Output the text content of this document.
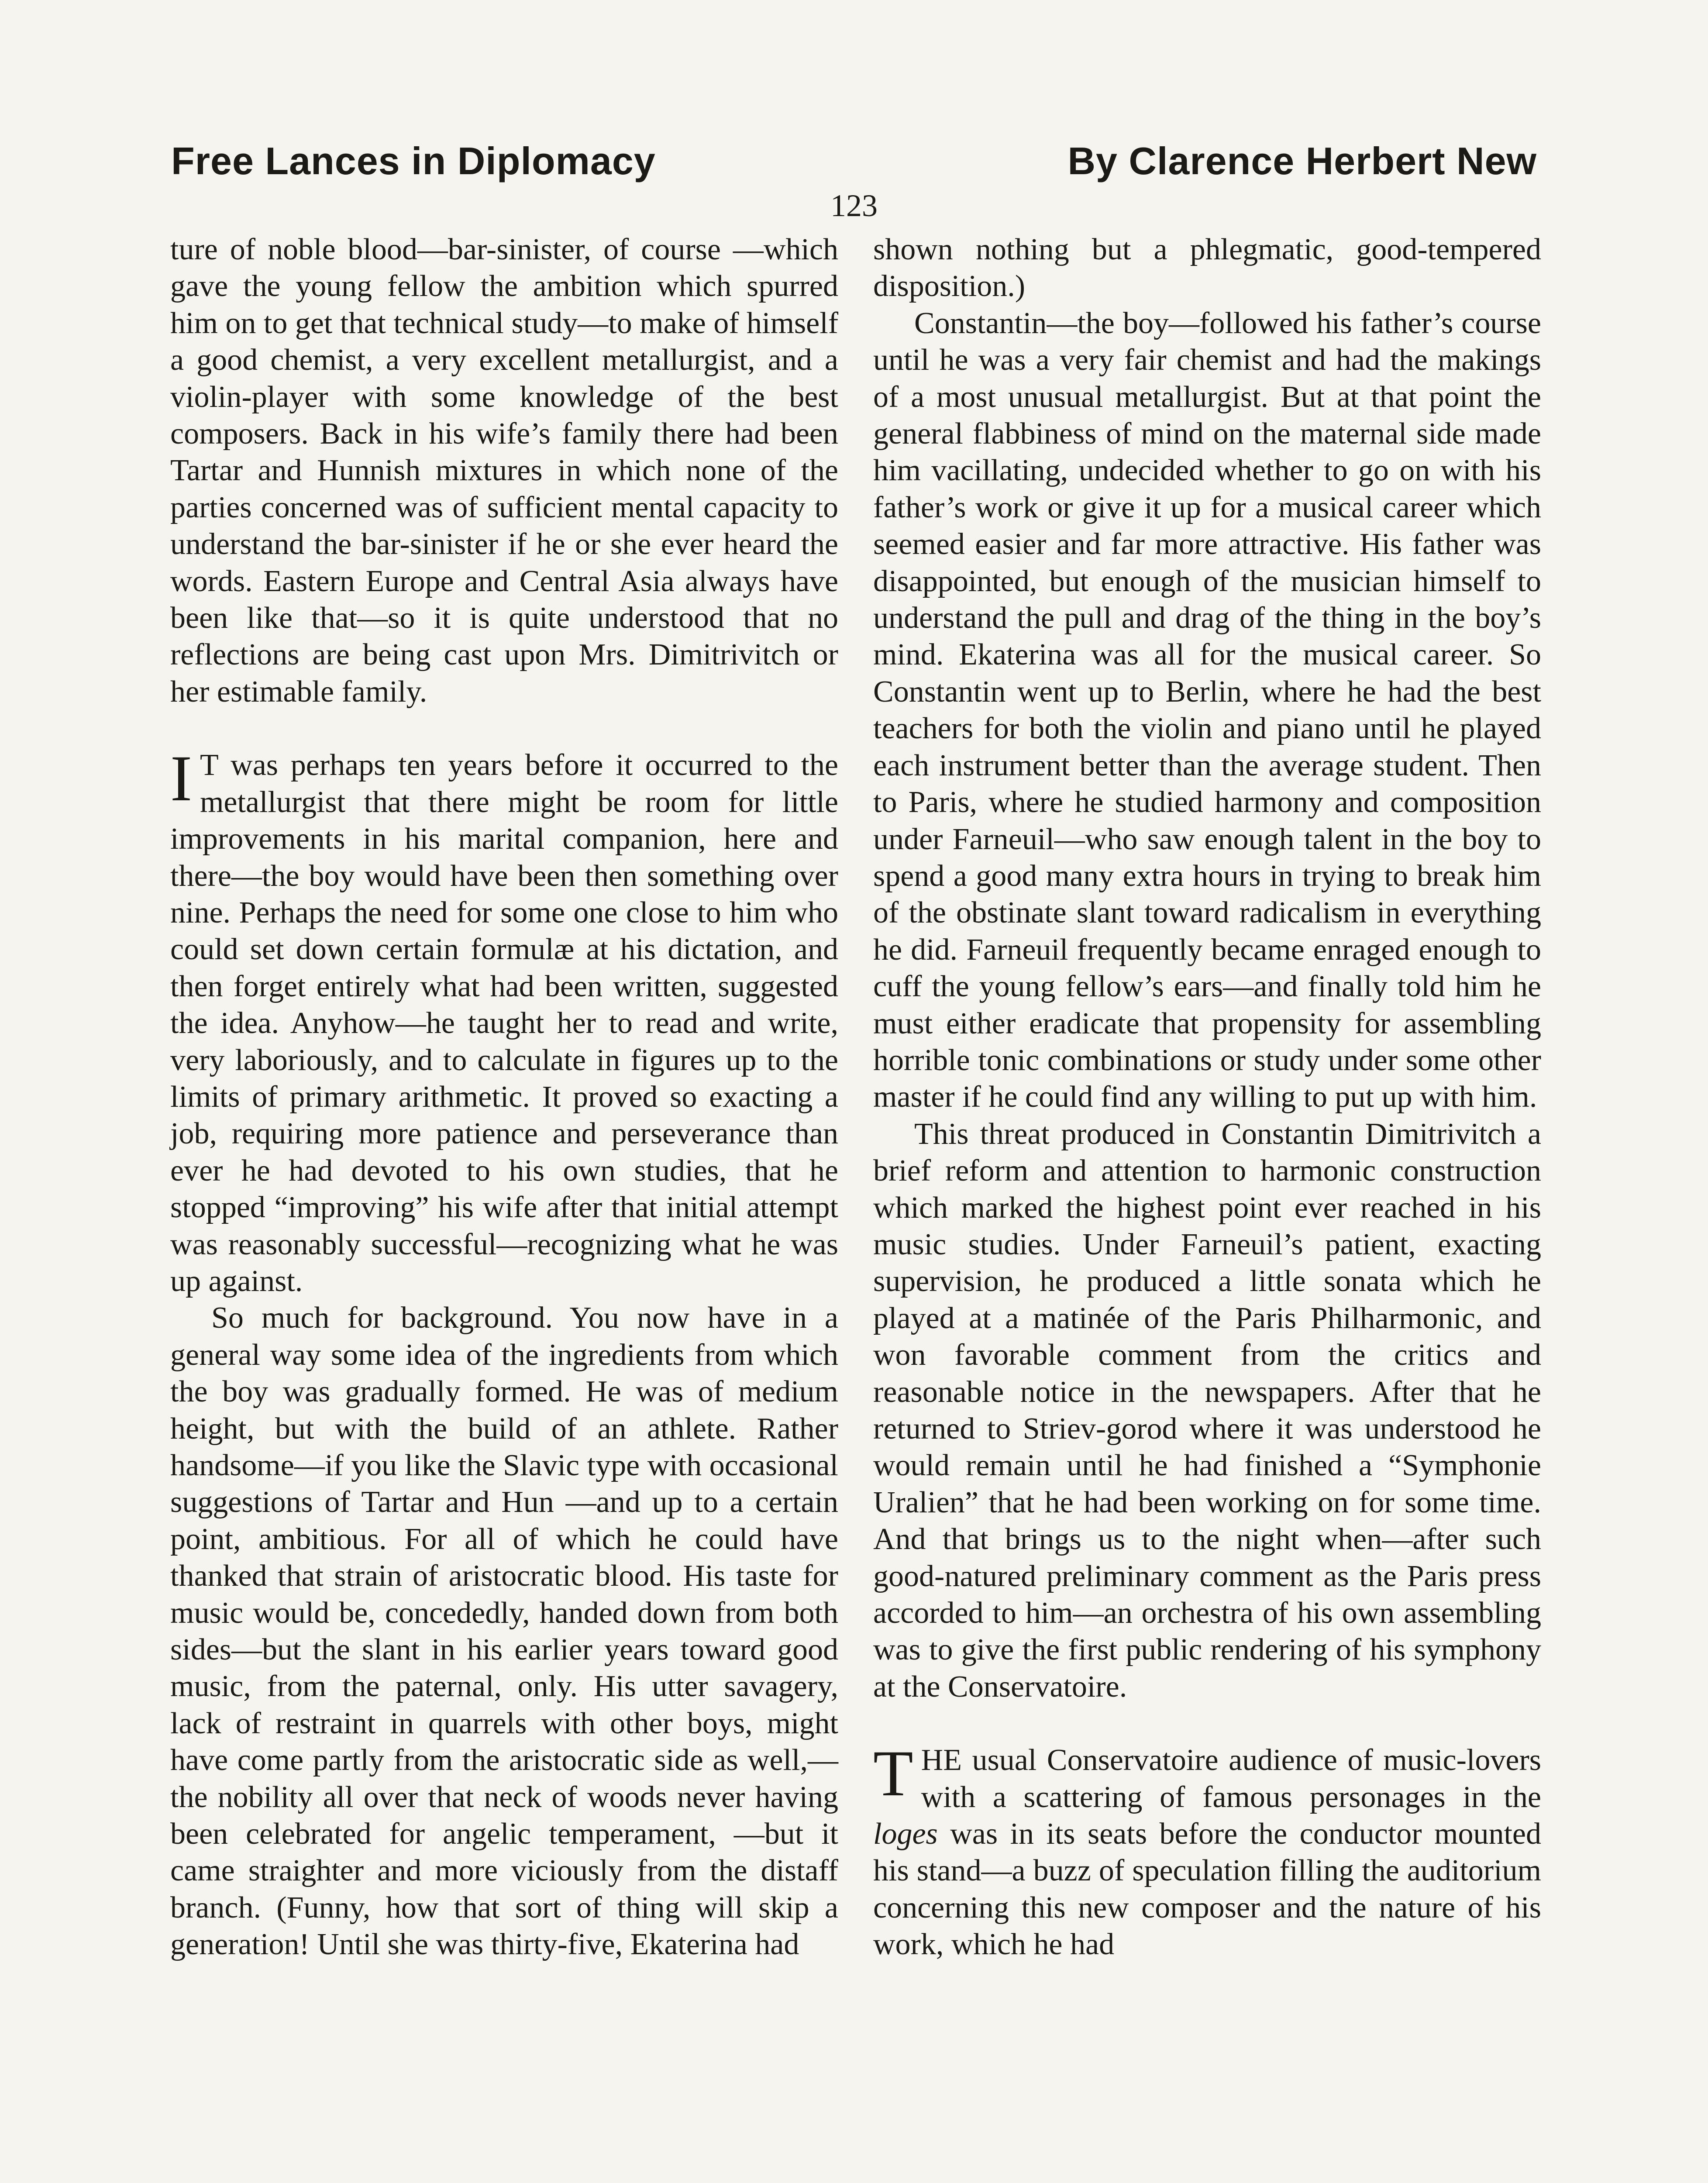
Free Lances in Diplomacy	By Clarence Herbert New
123

ture of noble blood—bar-sinister, of course —which gave the young fellow the ambition which spurred him on to get that technical study—to make of himself a good chemist, a very excellent metallurgist, and a violin-player with some knowledge of the best composers. Back in his wife’s family there had been Tartar and Hunnish mixtures in which none of the parties concerned was of sufficient mental capacity to understand the bar-sinister if he or she ever heard the words. Eastern Europe and Central Asia always have been like that—so it is quite understood that no reflections are being cast upon Mrs. Dimitrivitch or her estimable family.

I T was perhaps ten years before it occurred to the metallurgist that there might be room for little improvements in his marital companion, here and there—the boy would have been then something over nine. Perhaps the need for some one close to him who could set down certain formulæ at his dictation, and then forget entirely what had been written, suggested the idea. Anyhow—he taught her to read and write, very laboriously, and to calculate in figures up to the limits of primary arithmetic. It proved so exacting a job, requiring more patience and perseverance than ever he had devoted to his own studies, that he stopped “improving” his wife after that initial attempt was reasonably successful—recognizing what he was up against.

So much for background. You now have in a general way some idea of the ingredients from which the boy was gradually formed. He was of medium height, but with the build of an athlete. Rather handsome—if you like the Slavic type with occasional suggestions of Tartar and Hun —and up to a certain point, ambitious. For all of which he could have thanked that strain of aristocratic blood. His taste for music would be, concededly, handed down from both sides—but the slant in his earlier years toward good music, from the paternal, only. His utter savagery, lack of restraint in quarrels with other boys, might have come partly from the aristocratic side as well,—the nobility all over that neck of woods never having been celebrated for angelic temperament, —but it came straighter and more viciously from the distaff branch. (Funny, how that sort of thing will skip a generation! Until she was thirty-five, Ekaterina had

shown nothing but a phlegmatic, good-tempered disposition.)

Constantin—the boy—followed his father’s course until he was a very fair chemist and had the makings of a most unusual metallurgist. But at that point the general flabbiness of mind on the maternal side made him vacillating, undecided whether to go on with his father’s work or give it up for a musical career which seemed easier and far more attractive. His father was disappointed, but enough of the musician himself to understand the pull and drag of the thing in the boy’s mind. Ekaterina was all for the musical career. So Constantin went up to Berlin, where he had the best teachers for both the violin and piano until he played each instrument better than the average student. Then to Paris, where he studied harmony and composition under Farneuil—who saw enough talent in the boy to spend a good many extra hours in trying to break him of the obstinate slant toward radicalism in everything he did. Farneuil frequently became enraged enough to cuff the young fellow’s ears—and finally told him he must either eradicate that propensity for assembling horrible tonic combinations or study under some other master if he could find any willing to put up with him.

This threat produced in Constantin Dimitrivitch a brief reform and attention to harmonic construction which marked the highest point ever reached in his music studies. Under Farneuil’s patient, exacting supervision, he produced a little sonata which he played at a matinée of the Paris Philharmonic, and won favorable comment from the critics and reasonable notice in the newspapers. After that he returned to Striev-gorod where it was understood he would remain until he had finished a “Symphonie Uralien” that he had been working on for some time. And that brings us to the night when—after such good-natured preliminary comment as the Paris press accorded to him—an orchestra of his own assembling was to give the first public rendering of his symphony at the Conservatoire.

THE usual Conservatoire audience of music-lovers with a scattering of famous personages in the loges was in its seats before the conductor mounted his stand—a buzz of speculation filling the auditorium concerning this new composer and the nature of his work, which he had
